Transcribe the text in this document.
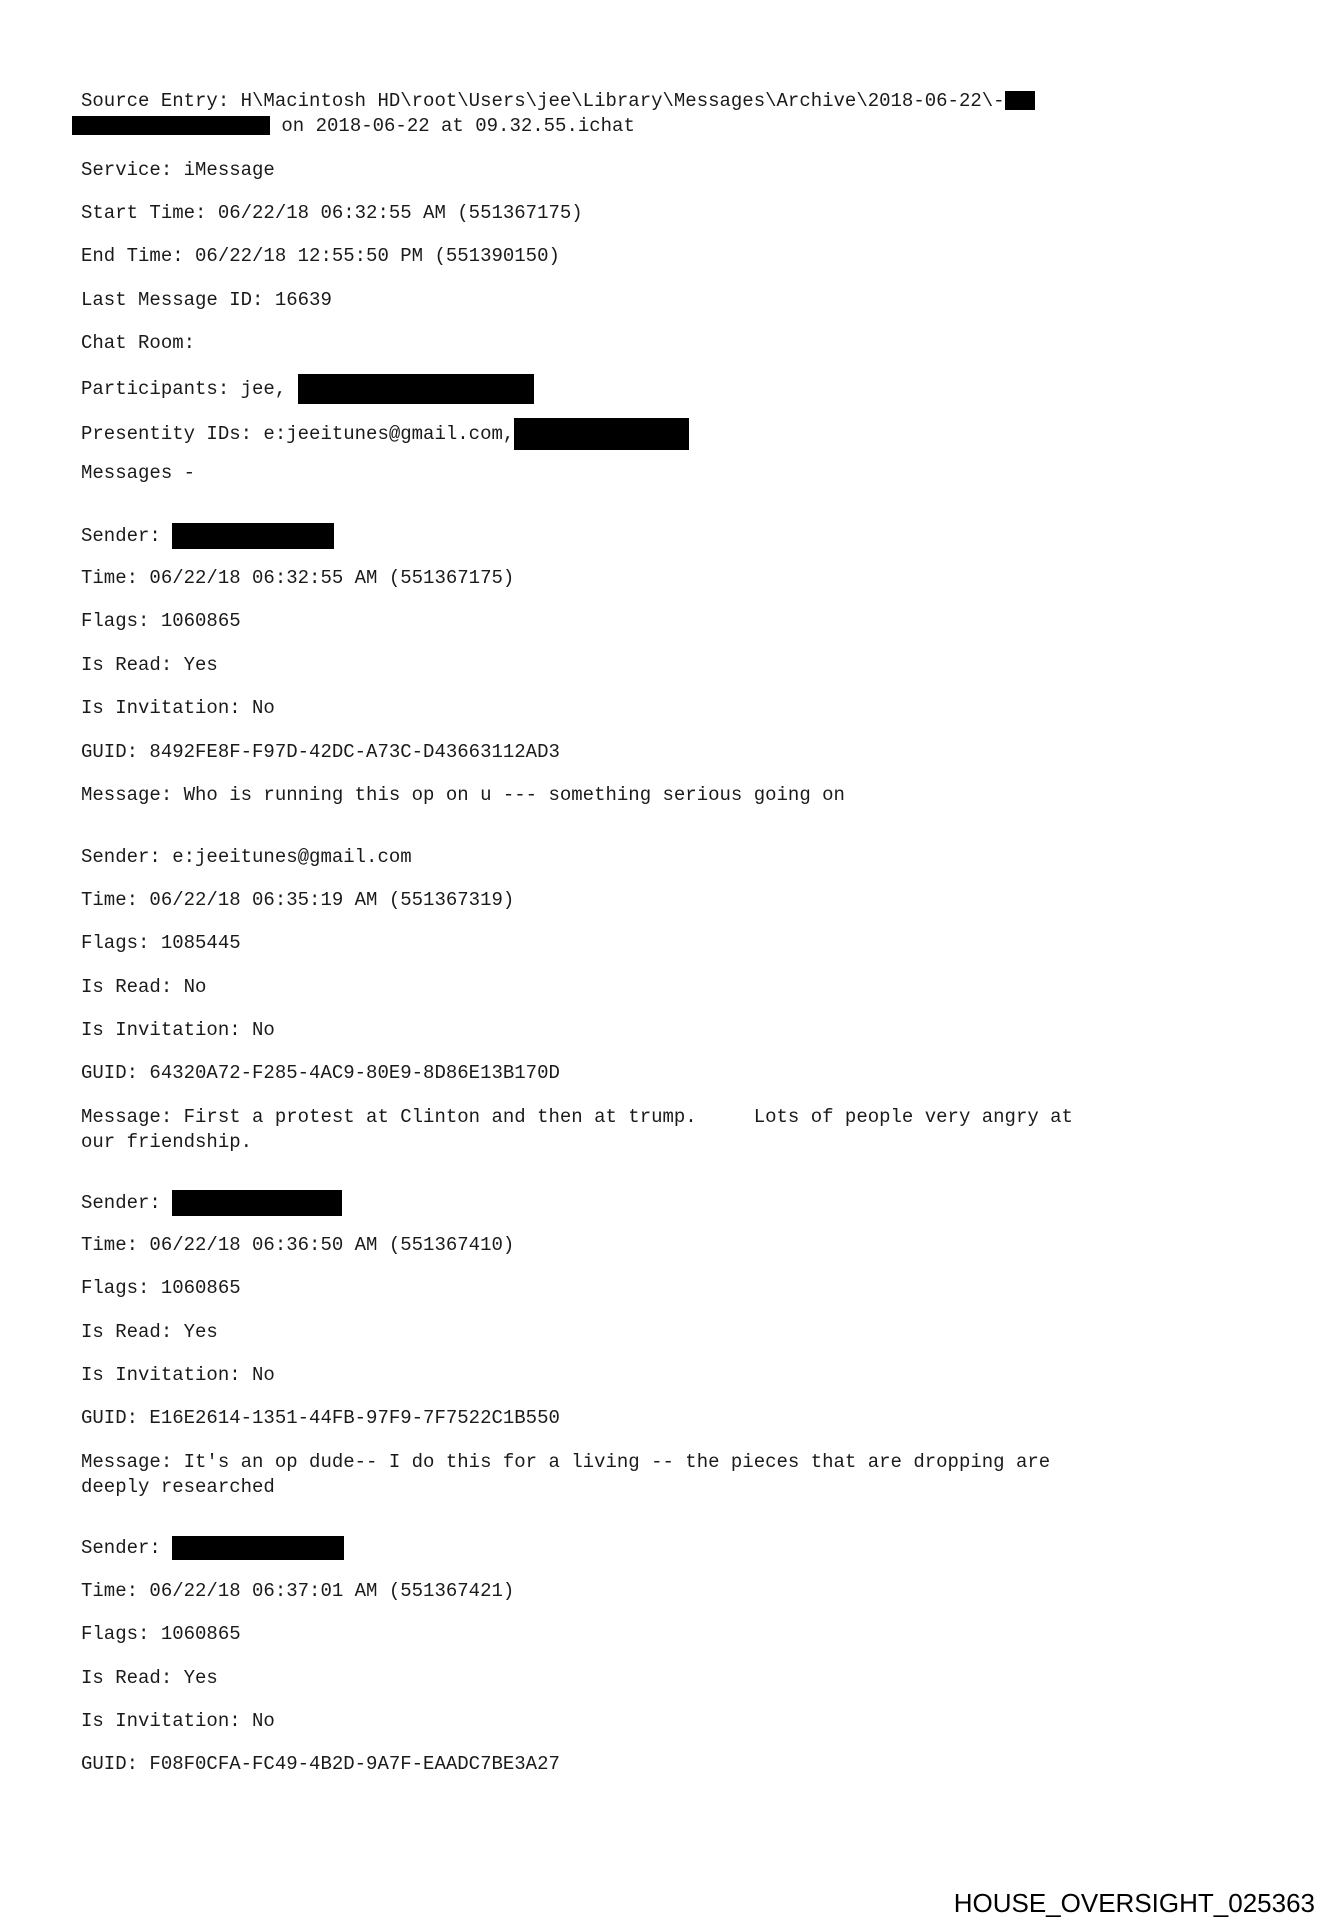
Source Entry: H\Macintosh HD\root\Users\jee\Library\Messages\Archive\2018-06-22\-
on 2018-06-22 at 09.32.55.ichat
Service: iMessage
Start Time: 06/22/18 06:32:55 AM (551367175)
End Time: 06/22/18 12:55:50 PM (551390150)
Last Message ID: 16639
Chat Room:
Participants: jee,
Presentity IDs: e:jeeitunes@gmail.com,
Messages -
Sender:
Time: 06/22/18 06:32:55 AM (551367175)
Flags: 1060865
Is Read: Yes
Is Invitation: No
GUID: 8492FE8F-F97D-42DC-A73C-D43663112AD3
Message: Who is running this op on u --- something serious going on
Sender: e:jeeitunes@gmail.com
Time: 06/22/18 06:35:19 AM (551367319)
Flags: 1085445
Is Read: No
Is Invitation: No
GUID: 64320A72-F285-4AC9-80E9-8D86E13B170D
Message: First a protest at Clinton and then at trump.     Lots of people very angry at
our friendship.
Sender:
Time: 06/22/18 06:36:50 AM (551367410)
Flags: 1060865
Is Read: Yes
Is Invitation: No
GUID: E16E2614-1351-44FB-97F9-7F7522C1B550
Message: It's an op dude-- I do this for a living -- the pieces that are dropping are
deeply researched
Sender:
Time: 06/22/18 06:37:01 AM (551367421)
Flags: 1060865
Is Read: Yes
Is Invitation: No
GUID: F08F0CFA-FC49-4B2D-9A7F-EAADC7BE3A27
HOUSE_OVERSIGHT_025363
